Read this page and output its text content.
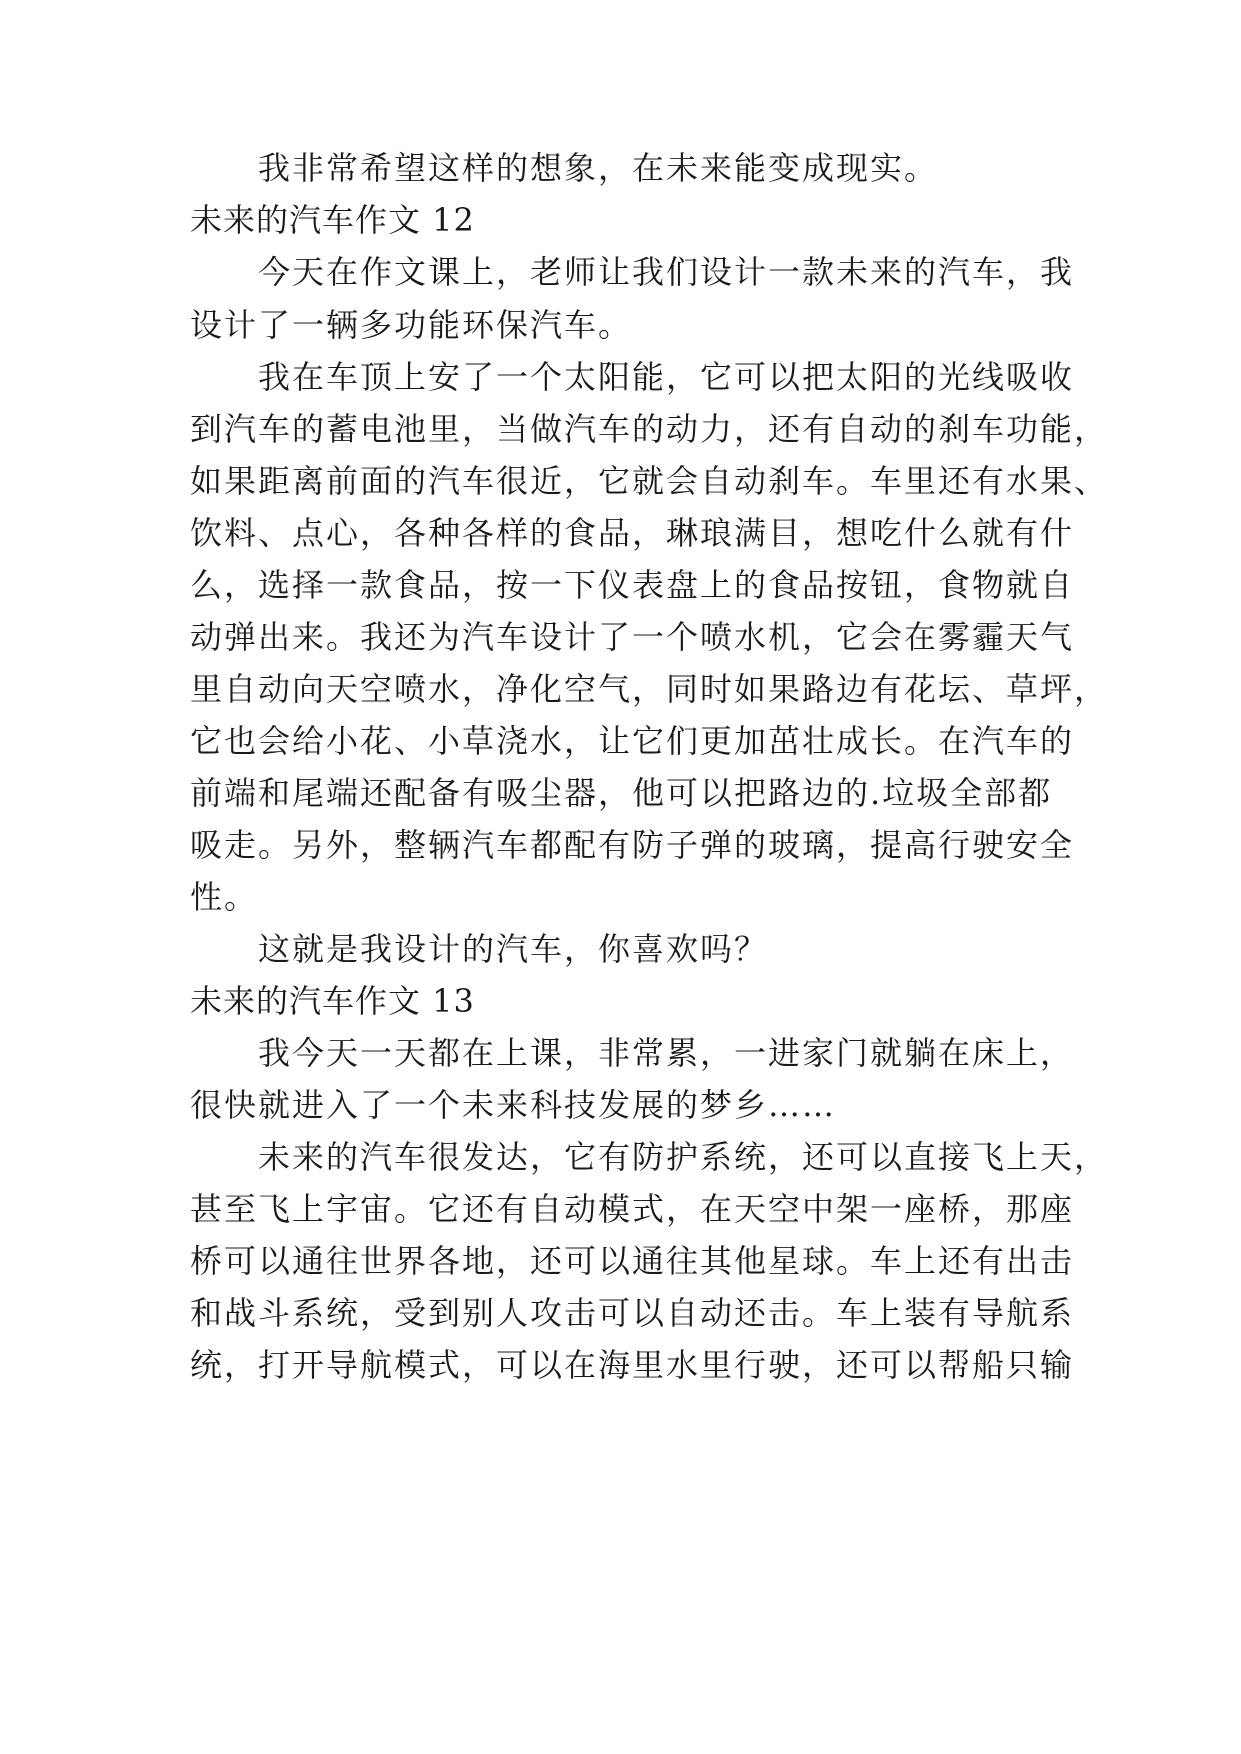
我非常希望这样的想象，在未来能变成现实。
未来的汽车作文 12
今天在作文课上，老师让我们设计一款未来的汽车，我
设计了一辆多功能环保汽车。
我在车顶上安了一个太阳能，它可以把太阳的光线吸收
到汽车的蓄电池里，当做汽车的动力，还有自动的刹车功能，
如果距离前面的汽车很近，它就会自动刹车。车里还有水果、
饮料、点心，各种各样的食品，琳琅满目，想吃什么就有什
么，选择一款食品，按一下仪表盘上的食品按钮，食物就自
动弹出来。我还为汽车设计了一个喷水机，它会在雾霾天气
里自动向天空喷水，净化空气，同时如果路边有花坛、草坪，
它也会给小花、小草浇水，让它们更加茁壮成长。在汽车的
前端和尾端还配备有吸尘器，他可以把路边的.垃圾全部都
吸走。另外，整辆汽车都配有防子弹的玻璃，提高行驶安全
性。
这就是我设计的汽车，你喜欢吗？
未来的汽车作文 13
我今天一天都在上课，非常累，一进家门就躺在床上，
很快就进入了一个未来科技发展的梦乡……
未来的汽车很发达，它有防护系统，还可以直接飞上天，
甚至飞上宇宙。它还有自动模式，在天空中架一座桥，那座
桥可以通往世界各地，还可以通往其他星球。车上还有出击
和战斗系统，受到别人攻击可以自动还击。车上装有导航系
统，打开导航模式，可以在海里水里行驶，还可以帮船只输
